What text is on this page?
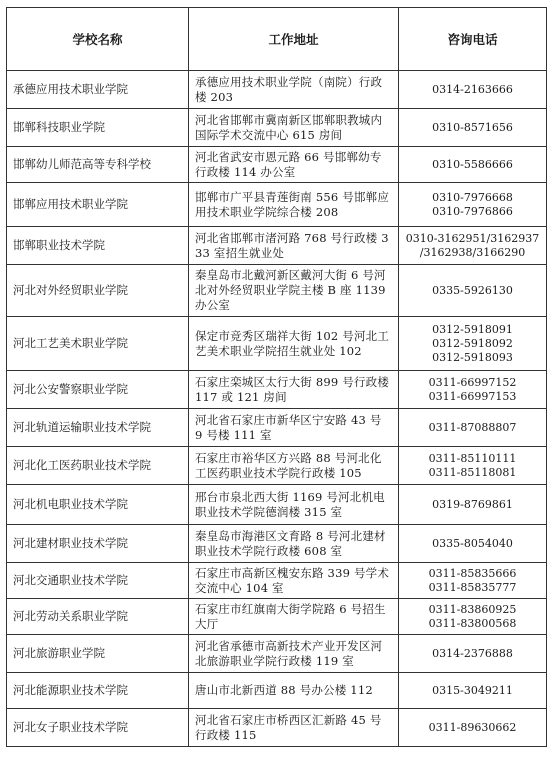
学校名称	工作地址	咨询电话
承德应用技术职业学院	承德应用技术职业学院（南院）行政楼 203	0314-2163666

邯郸科技职业学院	河北省邯郸市冀南新区邯郸职教城内国际学术交流中心 615 房间	0310-8571656

邯郸幼儿师范高等专科学校	河北省武安市恩元路 66 号邯郸幼专行政楼 114 办公室	0310-5586666

邯郸应用技术职业学院	邯郸市广平县青莲街南 556 号邯郸应用技术职业学院综合楼 208	0310-7976668
0310-7976866

邯郸职业技术学院	河北省邯郸市渚河路 768 号行政楼 333 室招生就业处	0310-3162951/3162937
/3162938/3166290

河北对外经贸职业学院	秦皇岛市北戴河新区戴河大街 6 号河北对外经贸职业学院主楼 B 座 1139 办公室	0335-5926130

河北工艺美术职业学院	保定市竞秀区瑞祥大街 102 号河北工艺美术职业学院招生就业处 102	0312-5918091
0312-5918092
0312-5918093

河北公安警察职业学院	石家庄栾城区太行大街 899 号行政楼 117 或 121 房间	0311-66997152
0311-66997153

河北轨道运输职业技术学院	河北省石家庄市新华区宁安路 43 号 9 号楼 111 室	0311-87088807

河北化工医药职业技术学院	石家庄市裕华区方兴路 88 号河北化工医药职业技术学院行政楼 105	0311-85110111
0311-85118081

河北机电职业技术学院	邢台市泉北西大街 1169 号河北机电职业技术学院德润楼 315 室	0319-8769861

河北建材职业技术学院	秦皇岛市海港区文育路 8 号河北建材职业技术学院行政楼 608 室	0335-8054040

河北交通职业技术学院	石家庄市高新区槐安东路 339 号学术交流中心 104 室	0311-85835666
0311-85835777

河北劳动关系职业学院	石家庄市红旗南大街学院路 6 号招生大厅	0311-83860925
0311-83800568

河北旅游职业学院	河北省承德市高新技术产业开发区河北旅游职业学院行政楼 119 室	0314-2376888

河北能源职业技术学院	唐山市北新西道 88 号办公楼 112	0315-3049211

河北女子职业技术学院	河北省石家庄市桥西区汇新路 45 号行政楼 115	0311-89630662
